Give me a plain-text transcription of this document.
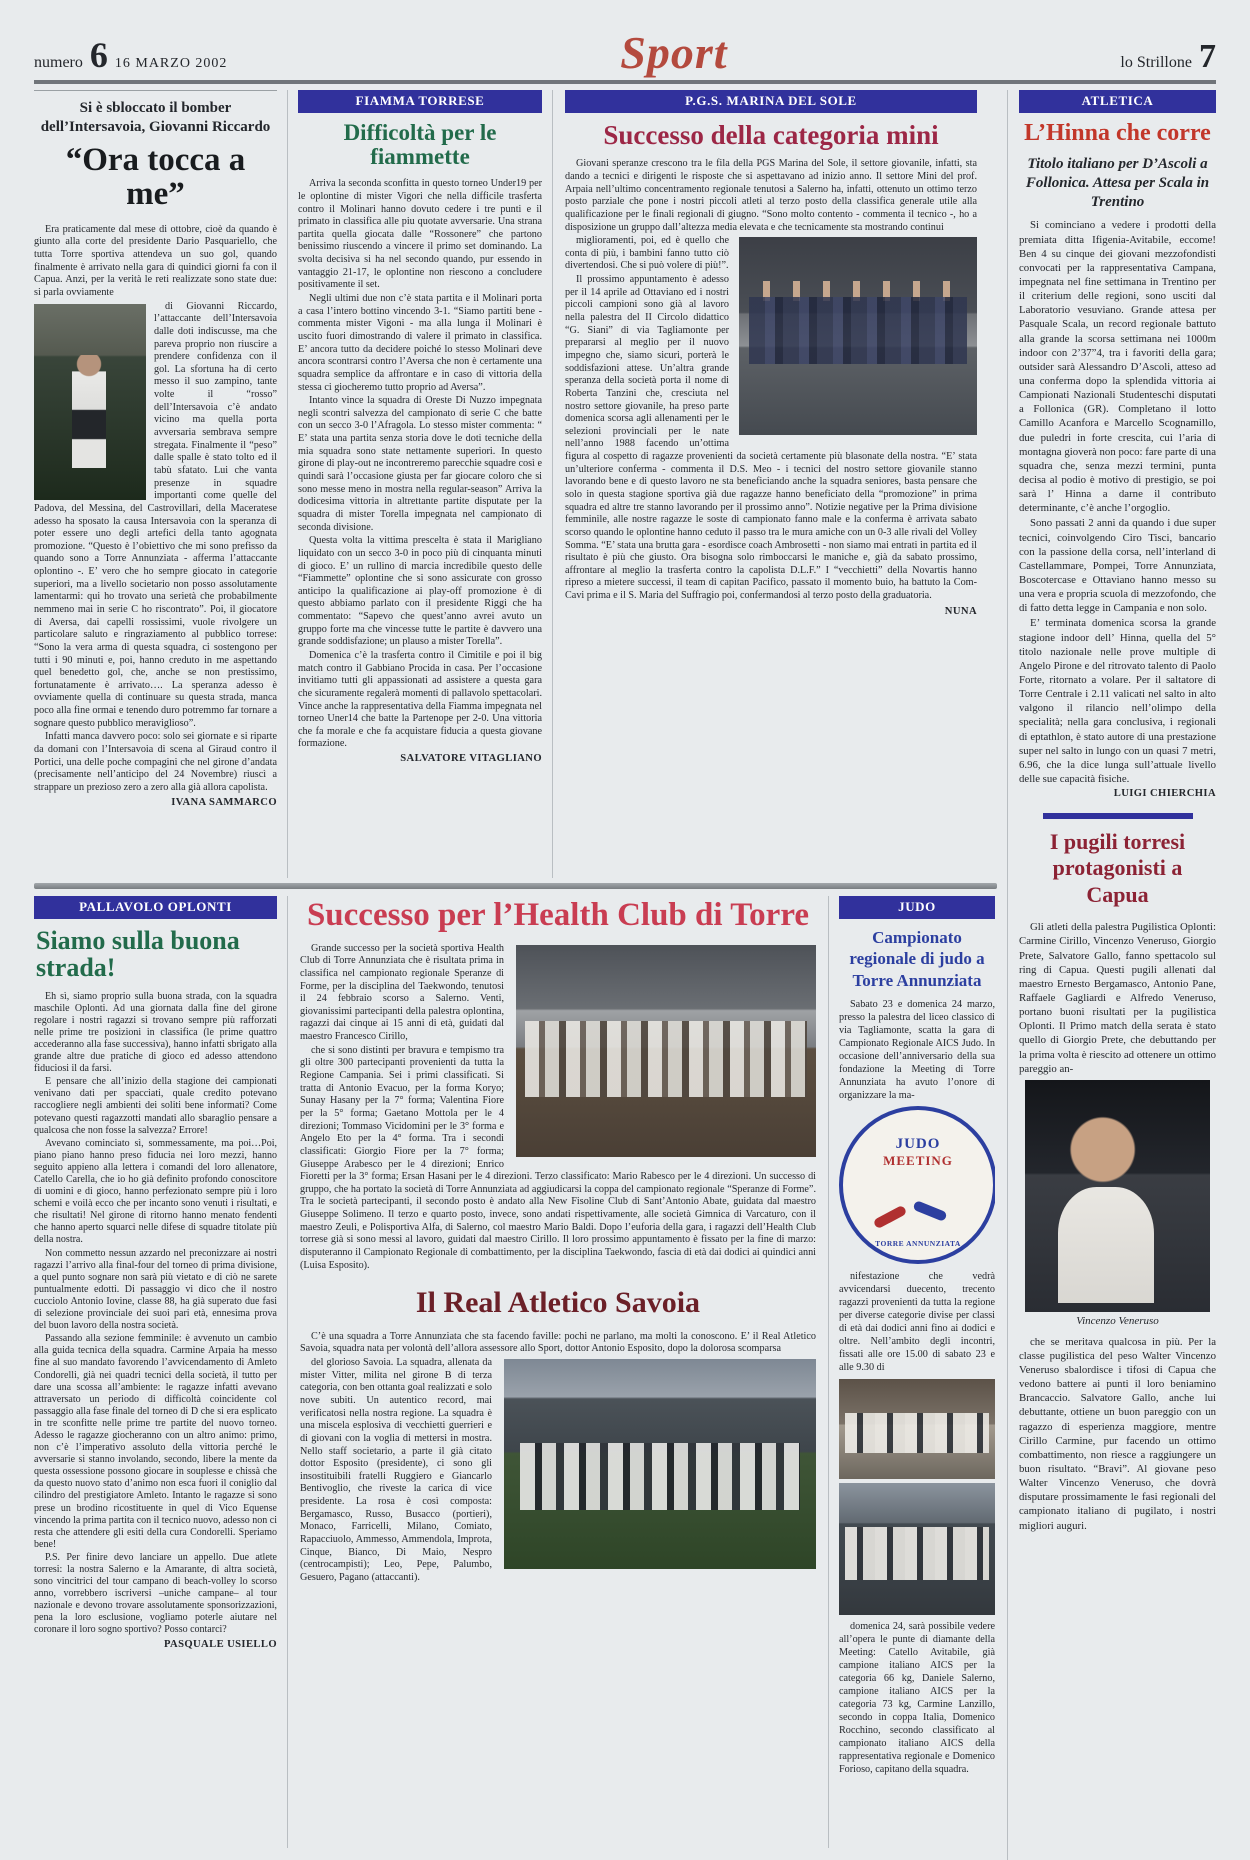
numero 6 16 MARZO 2002	Sport	lo Strillone 7
Si è sbloccato il bomber dell’Intersavoia, Giovanni Riccardo
“Ora tocca a me”

Era praticamente dal mese di ottobre, cioè da quando è giunto alla corte del presidente Dario Pasquariello, che tutta Torre sportiva attendeva un suo gol, quando finalmente è arrivato nella gara di quindici giorni fa con il Capua. Anzi, per la verità le reti realizzate sono state due: si parla ovviamente

di Giovanni Riccardo, l’attaccante dell’Intersavoia dalle doti indiscusse, ma che pareva proprio non riuscire a prendere confidenza con il gol. La sfortuna ha di certo messo il suo zampino, tante volte il “rosso” dell’Intersavoia c’è andato vicino ma quella porta avversaria sembrava sempre stregata. Finalmente il “peso” dalle spalle è stato tolto ed il tabù sfatato. Lui che vanta presenze in squadre importanti come quelle del Padova, del Messina, del Castrovillari, della Maceratese adesso ha sposato la causa Intersavoia con la speranza di poter essere uno degli artefici della tanto agognata promozione. “Questo è l’obiettivo che mi sono prefisso da quando sono a Torre Annunziata - afferma l’attaccante oplontino -. E’ vero che ho sempre giocato in categorie superiori, ma a livello societario non posso assolutamente lamentarmi: qui ho trovato una serietà che probabilmente nemmeno mai in serie C ho riscontrato”. Poi, il giocatore di Aversa, dai capelli rossissimi, vuole rivolgere un particolare saluto e ringraziamento al pubblico torrese: “Sono la vera arma di questa squadra, ci sostengono per tutti i 90 minuti e, poi, hanno creduto in me aspettando quel benedetto gol, che, anche se non prestissimo, fortunatamente è arrivato…. La speranza adesso è ovviamente quella di continuare su questa strada, manca poco alla fine ormai e tenendo duro potremmo far tornare a sognare questo pubblico meraviglioso”.

Infatti manca davvero poco: solo sei giornate e si riparte da domani con l’Intersavoia di scena al Giraud contro il Portici, una delle poche compagini che nel girone d’andata (precisamente nell’anticipo del 24 Novembre) riuscì a strappare un prezioso zero a zero alla già allora capolista.

IVANA SAMMARCO
FIAMMA TORRESE
Difficoltà per le fiammette

Arriva la seconda sconfitta in questo torneo Under19 per le oplontine di mister Vigori che nella difficile trasferta contro il Molinari hanno dovuto cedere i tre punti e il primato in classifica alle piu quotate avversarie. Una strana partita quella giocata dalle “Rossonere” che partono benissimo riuscendo a vincere il primo set dominando. La svolta decisiva si ha nel secondo quando, pur essendo in vantaggio 21-17, le oplontine non riescono a concludere positivamente il set.

Negli ultimi due non c’è stata partita e il Molinari porta a casa l’intero bottino vincendo 3-1. “Siamo partiti bene - commenta mister Vigoni - ma alla lunga il Molinari è uscito fuori dimostrando di valere il primato in classifica. E’ ancora tutto da decidere poiché lo stesso Molinari deve ancora scontrarsi contro l’Aversa che non è certamente una squadra semplice da affrontare e in caso di vittoria della stessa ci giocheremo tutto proprio ad Aversa”.

Intanto vince la squadra di Oreste Di Nuzzo impegnata negli scontri salvezza del campionato di serie C che batte con un secco 3-0 l’Afragola. Lo stesso mister commenta: “ E’ stata una partita senza storia dove le doti tecniche della mia squadra sono state nettamente superiori. In questo girone di play-out ne incontreremo parecchie squadre così e quindi sarà l’occasione giusta per far giocare coloro che si sono messe meno in mostra nella regular-season” Arriva la dodicesima vittoria in altrettante partite disputate per la squadra di mister Torella impegnata nel campionato di seconda divisione.

Questa volta la vittima prescelta è stata il Marigliano liquidato con un secco 3-0 in poco più di cinquanta minuti di gioco. E’ un rullino di marcia incredibile questo delle “Fiammette” oplontine che si sono assicurate con grosso anticipo la qualificazione ai play-off promozione è di questo abbiamo parlato con il presidente Riggi che ha commentato: “Sapevo che quest’anno avrei avuto un gruppo forte ma che vincesse tutte le partite è davvero una grande soddisfazione; un plauso a mister Torella”.

Domenica c’è la trasferta contro il Cimitile e poi il big match contro il Gabbiano Procida in casa. Per l’occasione invitiamo tutti gli appassionati ad assistere a questa gara che sicuramente regalerà momenti di pallavolo spettacolari. Vince anche la rappresentativa della Fiamma impegnata nel torneo Uner14 che batte la Partenope per 2-0. Una vittoria che fa morale e che fa acquistare fiducia a questa giovane formazione.

SALVATORE VITAGLIANO
P.G.S. MARINA DEL SOLE
Successo della categoria mini

Giovani speranze crescono tra le fila della PGS Marina del Sole, il settore giovanile, infatti, sta dando a tecnici e dirigenti le risposte che si aspettavano ad inizio anno. Il settore Mini del prof. Arpaia nell’ultimo concentramento regionale tenutosi a Salerno ha, infatti, ottenuto un ottimo terzo posto parziale che pone i nostri piccoli atleti al terzo posto della classifica generale utile alla qualificazione per le finali regionali di giugno. “Sono molto contento - commenta il tecnico -, ho a disposizione un gruppo dall’altezza media elevata e che tecnicamente sta mostrando continui

miglioramenti, poi, ed è quello che conta di più, i bambini fanno tutto ciò divertendosi. Che si può volere di più!”.

Il prossimo appuntamento è adesso per il 14 aprile ad Ottaviano ed i nostri piccoli campioni sono già al lavoro nella palestra del II Circolo didattico “G. Siani” di via Tagliamonte per prepararsi al meglio per il nuovo impegno che, siamo sicuri, porterà le soddisfazioni attese. Un’altra grande speranza della società porta il nome di Roberta Tanzini che, cresciuta nel nostro settore giovanile, ha preso parte domenica scorsa agli allenamenti per le selezioni provinciali per le nate nell’anno 1988 facendo un’ottima figura al cospetto di ragazze provenienti da società certamente più blasonate della nostra. “E’ stata un’ulteriore conferma - commenta il D.S. Meo - i tecnici del nostro settore giovanile stanno lavorando bene e di questo lavoro ne sta beneficiando anche la squadra seniores, basta pensare che solo in questa stagione sportiva già due ragazze hanno beneficiato della “promozione” in prima squadra ed altre tre stanno lavorando per il prossimo anno”. Notizie negative per la Prima divisione femminile, alle nostre ragazze le soste di campionato fanno male e la conferma è arrivata sabato scorso quando le oplontine hanno ceduto il passo tra le mura amiche con un 0-3 alle rivali del Volley Somma. “E’ stata una brutta gara - esordisce coach Ambrosetti - non siamo mai entrati in partita ed il risultato è più che giusto. Ora bisogna solo rimboccarsi le maniche e, già da sabato prossimo, affrontare al meglio la trasferta contro la capolista D.L.F.” I “vecchietti” della Novartis hanno ripreso a mietere successi, il team di capitan Pacifico, passato il momento buio, ha battuto la Com-Cavi prima e il S. Maria del Suffragio poi, confermandosi al terzo posto della graduatoria.

NUNA
PALLAVOLO OPLONTI
Siamo sulla buona strada!

Eh sì, siamo proprio sulla buona strada, con la squadra maschile Oplonti. Ad una giornata dalla fine del girone regolare i nostri ragazzi si trovano sempre più rafforzati nelle prime tre posizioni in classifica (le prime quattro accederanno alla fase successiva), hanno infatti sbrigato alla grande altre due pratiche di gioco ed adesso attendono fiduciosi il da farsi.

E pensare che all’inizio della stagione dei campionati venivano dati per spacciati, quale credito potevano raccogliere negli ambienti dei soliti bene informati? Come potevano questi ragazzotti mandati allo sbaraglio pensare a qualcosa che non fosse la salvezza? Errore!

Avevano cominciato sì, sommessamente, ma poi…Poi, piano piano hanno preso fiducia nei loro mezzi, hanno seguito appieno alla lettera i comandi del loro allenatore, Catello Carella, che io ho già definito profondo conoscitore di uomini e di gioco, hanno perfezionato sempre più i loro schemi e voilà ecco che per incanto sono venuti i risultati, e che risultati! Nel girone di ritorno hanno menato fendenti che hanno aperto squarci nelle difese di squadre titolate più della nostra.

Non commetto nessun azzardo nel preconizzare ai nostri ragazzi l’arrivo alla final-four del torneo di prima divisione, a quel punto sognare non sarà più vietato e di ciò ne sarete puntualmente edotti. Di passaggio vi dico che il nostro cucciolo Antonio Iovine, classe 88, ha già superato due fasi di selezione provinciale dei suoi pari età, ennesima prova del buon lavoro della nostra società.

Passando alla sezione femminile: è avvenuto un cambio alla guida tecnica della squadra. Carmine Arpaia ha messo fine al suo mandato favorendo l’avvicendamento di Amleto Condorelli, già nei quadri tecnici della società, il tutto per dare una scossa all’ambiente: le ragazze infatti avevano attraversato un periodo di difficoltà coincidente col passaggio alla fase finale del torneo di D che si era esplicato in tre sconfitte nelle prime tre partite del nuovo torneo. Adesso le ragazze giocheranno con un altro animo: primo, non c’è l’imperativo assoluto della vittoria perché le avversarie si stanno involando, secondo, libere la mente da questa ossessione possono giocare in souplesse e chissà che da questo nuovo stato d’animo non esca fuori il coniglio dal cilindro del prestigiatore Amleto. Intanto le ragazze si sono prese un brodino ricostituente in quel di Vico Equense vincendo la prima partita con il tecnico nuovo, adesso non ci resta che attendere gli esiti della cura Condorelli. Speriamo bene!

P.S. Per finire devo lanciare un appello. Due atlete torresi: la nostra Salerno e la Amarante, di altra società, sono vincitrici del tour campano di beach-volley lo scorso anno, vorrebbero iscriversi –uniche campane– al tour nazionale e devono trovare assolutamente sponsorizzazioni, pena la loro esclusione, vogliamo poterle aiutare nel coronare il loro sogno sportivo? Posso contarci?

PASQUALE USIELLO
Successo per l’Health Club di Torre

Grande successo per la società sportiva Health Club di Torre Annunziata che è risultata prima in classifica nel campionato regionale Speranze di Forme, per la disciplina del Taekwondo, tenutosi il 24 febbraio scorso a Salerno. Venti, giovanissimi partecipanti della palestra oplontina, ragazzi dai cinque ai 15 anni di età, guidati dal maestro Francesco Cirillo,

che si sono distinti per bravura e tempismo tra gli oltre 300 partecipanti provenienti da tutta la Regione Campania. Sei i primi classificati. Si tratta di Antonio Evacuo, per la forma Koryo; Sunay Hasany per la 7° forma; Valentina Fiore per la 5° forma; Gaetano Mottola per le 4 direzioni; Tommaso Vicidomini per le 3° forma e Angelo Eto per la 4° forma. Tra i secondi classificati: Giorgio Fiore per la 7° forma; Giuseppe Arabesco per le 4 direzioni; Enrico Fioretti per la 3° forma; Ersan Hasani per le 4 direzioni. Terzo classificato: Mario Rabesco per le 4 direzioni. Un successo di gruppo, che ha portato la società di Torre Annunziata ad aggiudicarsi la coppa del campionato regionale “Speranze di Forme”. Tra le società partecipanti, il secondo posto è andato alla New Fisoline Club di Sant’Antonio Abate, guidata dal maestro Giuseppe Solimeno. Il terzo e quarto posto, invece, sono andati rispettivamente, alle società Gimnica di Varcaturo, con il maestro Zeuli, e Polisportiva Alfa, di Salerno, col maestro Mario Baldi. Dopo l’euforia della gara, i ragazzi dell’Health Club torrese già si sono messi al lavoro, guidati dal maestro Cirillo. Il loro prossimo appuntamento è fissato per la fine di marzo: disputeranno il Campionato Regionale di combattimento, per la disciplina Taekwondo, fascia di età dai dodici ai quindici anni (Luisa Esposito).

Il Real Atletico Savoia

C’è una squadra a Torre Annunziata che sta facendo faville: pochi ne parlano, ma molti la conoscono. E’ il Real Atletico Savoia, squadra nata per volontà dell’allora assessore allo Sport, dottor Antonio Esposito, dopo la dolorosa scomparsa

del glorioso Savoia. La squadra, allenata da mister Vitter, milita nel girone B di terza categoria, con ben ottanta goal realizzati e solo nove subiti. Un autentico record, mai verificatosi nella nostra regione. La squadra è una miscela esplosiva di vecchietti guerrieri e di giovani con la voglia di mettersi in mostra. Nello staff societario, a parte il già citato dottor Esposito (presidente), ci sono gli insostituibili fratelli Ruggiero e Giancarlo Bentivoglio, che riveste la carica di vice presidente. La rosa è così composta: Bergamasco, Russo, Busacco (portieri), Monaco, Farricelli, Milano, Comiato, Rapacciuolo, Ammesso, Ammendola, Improta, Cinque, Bianco, Di Maio, Nespro (centrocampisti); Leo, Pepe, Palumbo, Gesuero, Pagano (attaccanti).

JUDO
Campionato regionale di judo a Torre Annunziata

Sabato 23 e domenica 24 marzo, presso la palestra del liceo classico di via Tagliamonte, scatta la gara di Campionato Regionale AICS Judo. In occasione dell’anniversario della sua fondazione la Meeting di Torre Annunziata ha avuto l’onore di organizzare la ma-

JUDO
MEETING
TORRE ANNUNZIATA

nifestazione che vedrà avvicendarsi duecento, trecento ragazzi provenienti da tutta la regione per diverse categorie divise per classi di età dai dodici anni fino ai dodici e oltre. Nell’ambito degli incontri, fissati alle ore 15.00 di sabato 23 e alle 9.30 di

domenica 24, sarà possibile vedere all’opera le punte di diamante della Meeting: Catello Avitabile, già campione italiano AICS per la categoria 66 kg, Daniele Salerno, campione italiano AICS per la categoria 73 kg, Carmine Lanzillo, secondo in coppa Italia, Domenico Rocchino, secondo classificato al campionato italiano AICS della rappresentativa regionale e Domenico Forioso, capitano della squadra.

ATLETICA
L’Hinna che corre
Titolo italiano per D’Ascoli a Follonica. Attesa per Scala in Trentino

Si cominciano a vedere i prodotti della premiata ditta Ifigenia-Avitabile, eccome! Ben 4 su cinque dei giovani mezzofondisti convocati per la rappresentativa Campana, impegnata nel fine settimana in Trentino per il criterium delle regioni, sono usciti dal Laboratorio vesuviano. Grande attesa per Pasquale Scala, un record regionale battuto alla grande la scorsa settimana nei 1000m indoor con 2’37”4, tra i favoriti della gara; outsider sarà Alessandro D’Ascoli, atteso ad una conferma dopo la splendida vittoria ai Campionati Nazionali Studenteschi disputati a Follonica (GR). Completano il lotto Camillo Acanfora e Marcello Scognamillo, due puledri in forte crescita, cui l’aria di montagna gioverà non poco: fare parte di una squadra che, senza mezzi termini, punta decisa al podio è motivo di prestigio, se poi sarà l’ Hinna a darne il contributo determinante, c’è anche l’orgoglio.

Sono passati 2 anni da quando i due super tecnici, coinvolgendo Ciro Tisci, bancario con la passione della corsa, nell’interland di Castellammare, Pompei, Torre Annunziata, Boscotercase e Ottaviano hanno messo su una vera e propria scuola di mezzofondo, che di fatto detta legge in Campania e non solo.

E’ terminata domenica scorsa la grande stagione indoor dell’ Hinna, quella del 5° titolo nazionale nelle prove multiple di Angelo Pirone e del ritrovato talento di Paolo Forte, ritornato a volare. Per il saltatore di Torre Centrale i 2.11 valicati nel salto in alto valgono il rilancio nell’olimpo della specialità; nella gara conclusiva, i regionali di eptathlon, è stato autore di una prestazione super nel salto in lungo con un quasi 7 metri, 6.96, che la dice lunga sull’attuale livello delle sue capacità fisiche.

LUIGI CHIERCHIA
I pugili torresi protagonisti a Capua

Gli atleti della palestra Pugilistica Oplonti: Carmine Cirillo, Vincenzo Veneruso, Giorgio Prete, Salvatore Gallo, fanno spettacolo sul ring di Capua. Questi pugili allenati dal maestro Ernesto Bergamasco, Antonio Pane, Raffaele Gagliardi e Alfredo Veneruso, portano buoni risultati per la pugilistica Oplonti. Il Primo match della serata è stato quello di Giorgio Prete, che debuttando per la prima volta è riescito ad ottenere un ottimo pareggio an-

Vincenzo Veneruso

che se meritava qualcosa in più. Per la classe pugilistica del peso Walter Vincenzo Veneruso sbalordisce i tifosi di Capua che vedono battere ai punti il loro beniamino Brancaccio. Salvatore Gallo, anche lui debuttante, ottiene un buon pareggio con un ragazzo di esperienza maggiore, mentre Cirillo Carmine, pur facendo un ottimo combattimento, non riesce a raggiungere un buon risultato. “Bravi”. Al giovane peso Walter Vincenzo Veneruso, che dovrà disputare prossimamente le fasi regionali del campionato italiano di pugilato, i nostri migliori auguri.
